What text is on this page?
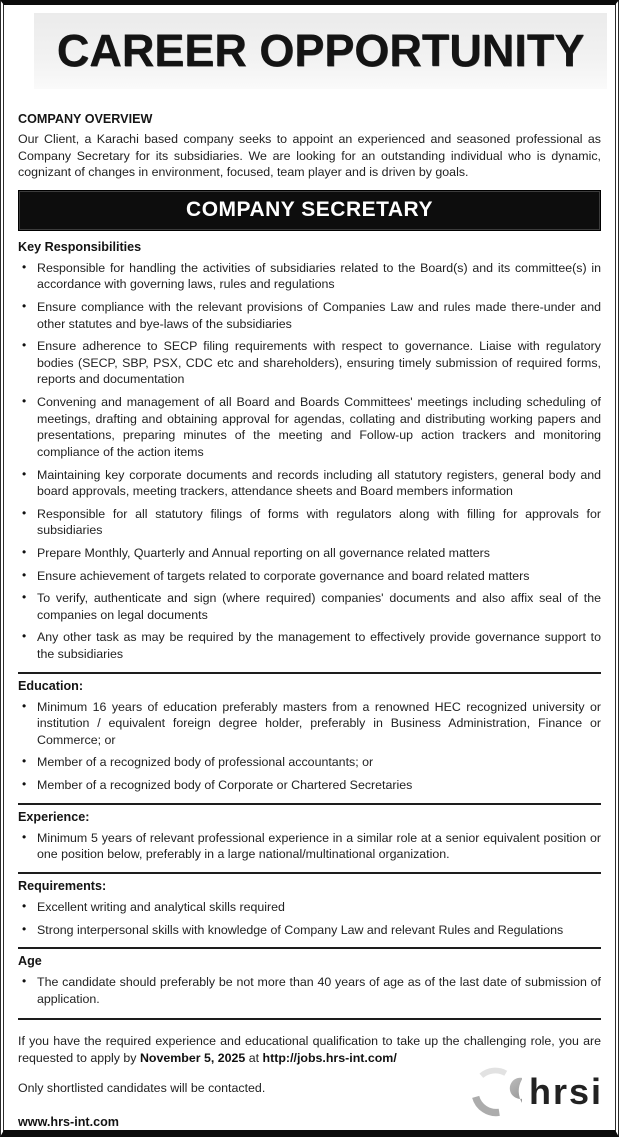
CAREER OPPORTUNITY
COMPANY OVERVIEW

Our Client, a Karachi based company seeks to appoint an experienced and seasoned professional as Company Secretary for its subsidiaries. We are looking for an outstanding individual who is dynamic, cognizant of changes in environment, focused, team player and is driven by goals.

COMPANY SECRETARY
Key Responsibilities
• Responsible for handling the activities of subsidiaries related to the Board(s) and its committee(s) in accordance with governing laws, rules and regulations
• Ensure compliance with the relevant provisions of Companies Law and rules made there-under and other statutes and bye-laws of the subsidiaries
• Ensure adherence to SECP filing requirements with respect to governance. Liaise with regulatory bodies (SECP, SBP, PSX, CDC etc and shareholders), ensuring timely submission of required forms, reports and documentation
• Convening and management of all Board and Boards Committees' meetings including scheduling of meetings, drafting and obtaining approval for agendas, collating and distributing working papers and presentations, preparing minutes of the meeting and Follow-up action trackers and monitoring compliance of the action items
• Maintaining key corporate documents and records including all statutory registers, general body and board approvals, meeting trackers, attendance sheets and Board members information
• Responsible for all statutory filings of forms with regulators along with filling for approvals for subsidiaries
• Prepare Monthly, Quarterly and Annual reporting on all governance related matters
• Ensure achievement of targets related to corporate governance and board related matters
• To verify, authenticate and sign (where required) companies' documents and also affix seal of the companies on legal documents
• Any other task as may be required by the management to effectively provide governance support to the subsidiaries
Education:
• Minimum 16 years of education preferably masters from a renowned HEC recognized university or institution / equivalent foreign degree holder, preferably in Business Administration, Finance or Commerce; or
• Member of a recognized body of professional accountants; or
• Member of a recognized body of Corporate or Chartered Secretaries
Experience:
• Minimum 5 years of relevant professional experience in a similar role at a senior equivalent position or one position below, preferably in a large national/multinational organization.
Requirements:
• Excellent writing and analytical skills required
• Strong interpersonal skills with knowledge of Company Law and relevant Rules and Regulations
Age
• The candidate should preferably be not more than 40 years of age as of the last date of submission of application.

If you have the required experience and educational qualification to take up the challenging role, you are requested to apply by November 5, 2025 at http://jobs.hrs-int.com/

Only shortlisted candidates will be contacted.

www.hrs-int.com

hrsi
